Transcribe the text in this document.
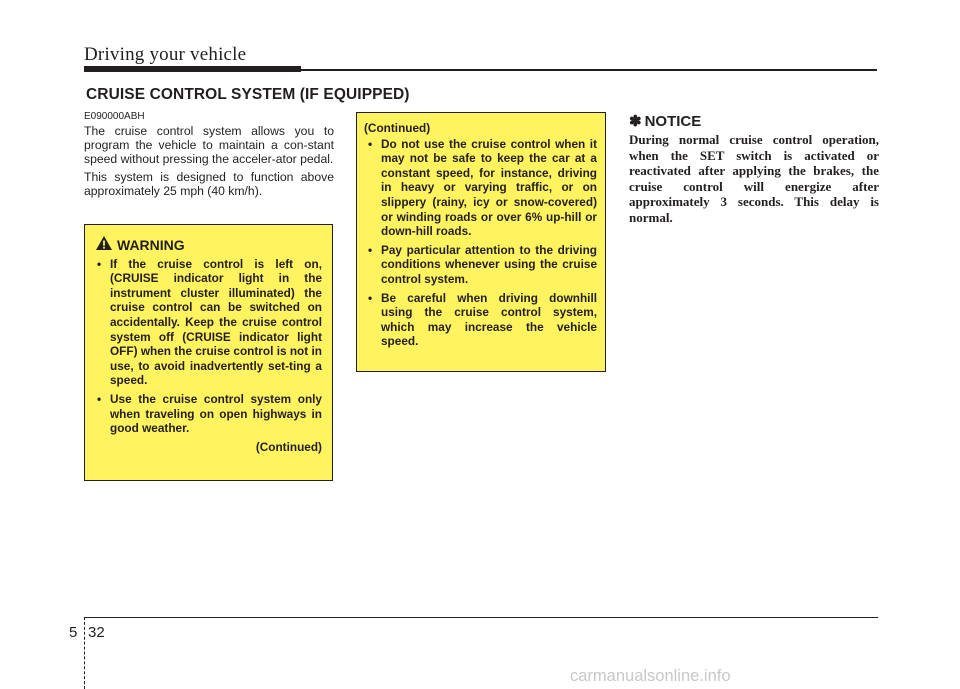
Driving your vehicle
CRUISE CONTROL SYSTEM (IF EQUIPPED)
E090000ABH

The cruise control system allows you to program the vehicle to maintain a con-stant speed without pressing the acceler-ator pedal.

This system is designed to function above approximately 25 mph (40 km/h).

WARNING
• If the cruise control is left on, (CRUISE indicator light in the instrument cluster illuminated) the cruise control can be switched on accidentally. Keep the cruise control system off (CRUISE indicator light OFF) when the cruise control is not in use, to avoid inadvertently set-ting a speed.
• Use the cruise control system only when traveling on open highways in good weather.
(Continued)
(Continued)
• Do not use the cruise control when it may not be safe to keep the car at a constant speed, for instance, driving in heavy or varying traffic, or on slippery (rainy, icy or snow-covered) or winding roads or over 6% up-hill or down-hill roads.
• Pay particular attention to the driving conditions whenever using the cruise control system.
• Be careful when driving downhill using the cruise control system, which may increase the vehicle speed.
✽ NOTICE
During normal cruise control operation, when the SET switch is activated or reactivated after applying the brakes, the cruise control will energize after approximately 3 seconds. This delay is normal.
5 32
carmanualsonline.info
